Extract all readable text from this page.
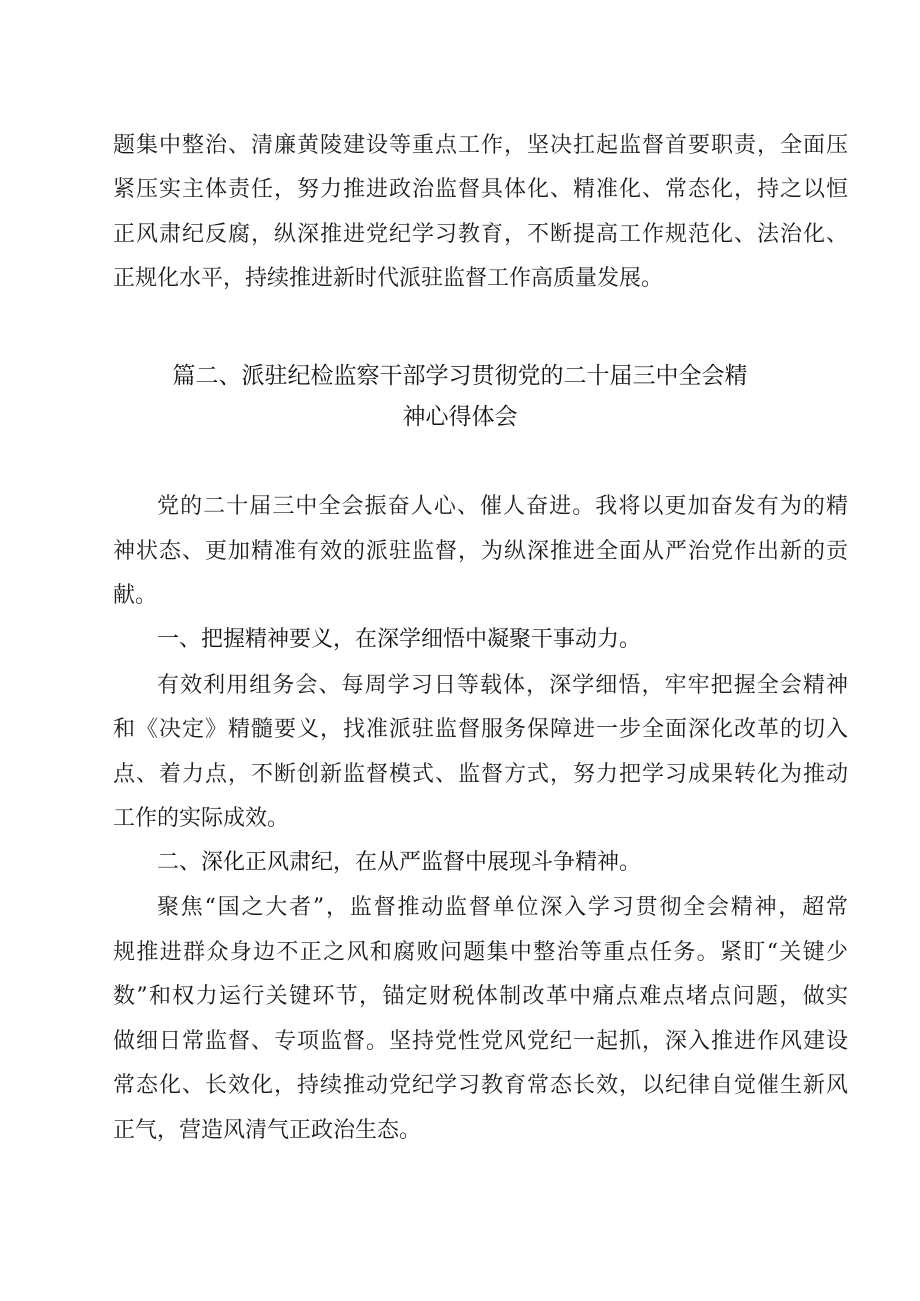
题集中整治、清廉黄陵建设等重点工作，坚决扛起监督首要职责，全面压
紧压实主体责任，努力推进政治监督具体化、精准化、常态化，持之以恒
正风肃纪反腐，纵深推进党纪学习教育，不断提高工作规范化、法治化、
正规化水平，持续推进新时代派驻监督工作高质量发展。
篇二、派驻纪检监察干部学习贯彻党的二十届三中全会精
神心得体会
党的二十届三中全会振奋人心、催人奋进。我将以更加奋发有为的精
神状态、更加精准有效的派驻监督，为纵深推进全面从严治党作出新的贡
献。
一、把握精神要义，在深学细悟中凝聚干事动力。
有效利用组务会、每周学习日等载体，深学细悟，牢牢把握全会精神
和《决定》精髓要义，找准派驻监督服务保障进一步全面深化改革的切入
点、着力点，不断创新监督模式、监督方式，努力把学习成果转化为推动
工作的实际成效。
二、深化正风肃纪，在从严监督中展现斗争精神。
聚焦“国之大者”，监督推动监督单位深入学习贯彻全会精神，超常
规推进群众身边不正之风和腐败问题集中整治等重点任务。紧盯“关键少
数”和权力运行关键环节，锚定财税体制改革中痛点难点堵点问题，做实
做细日常监督、专项监督。坚持党性党风党纪一起抓，深入推进作风建设
常态化、长效化，持续推动党纪学习教育常态长效，以纪律自觉催生新风
正气，营造风清气正政治生态。
